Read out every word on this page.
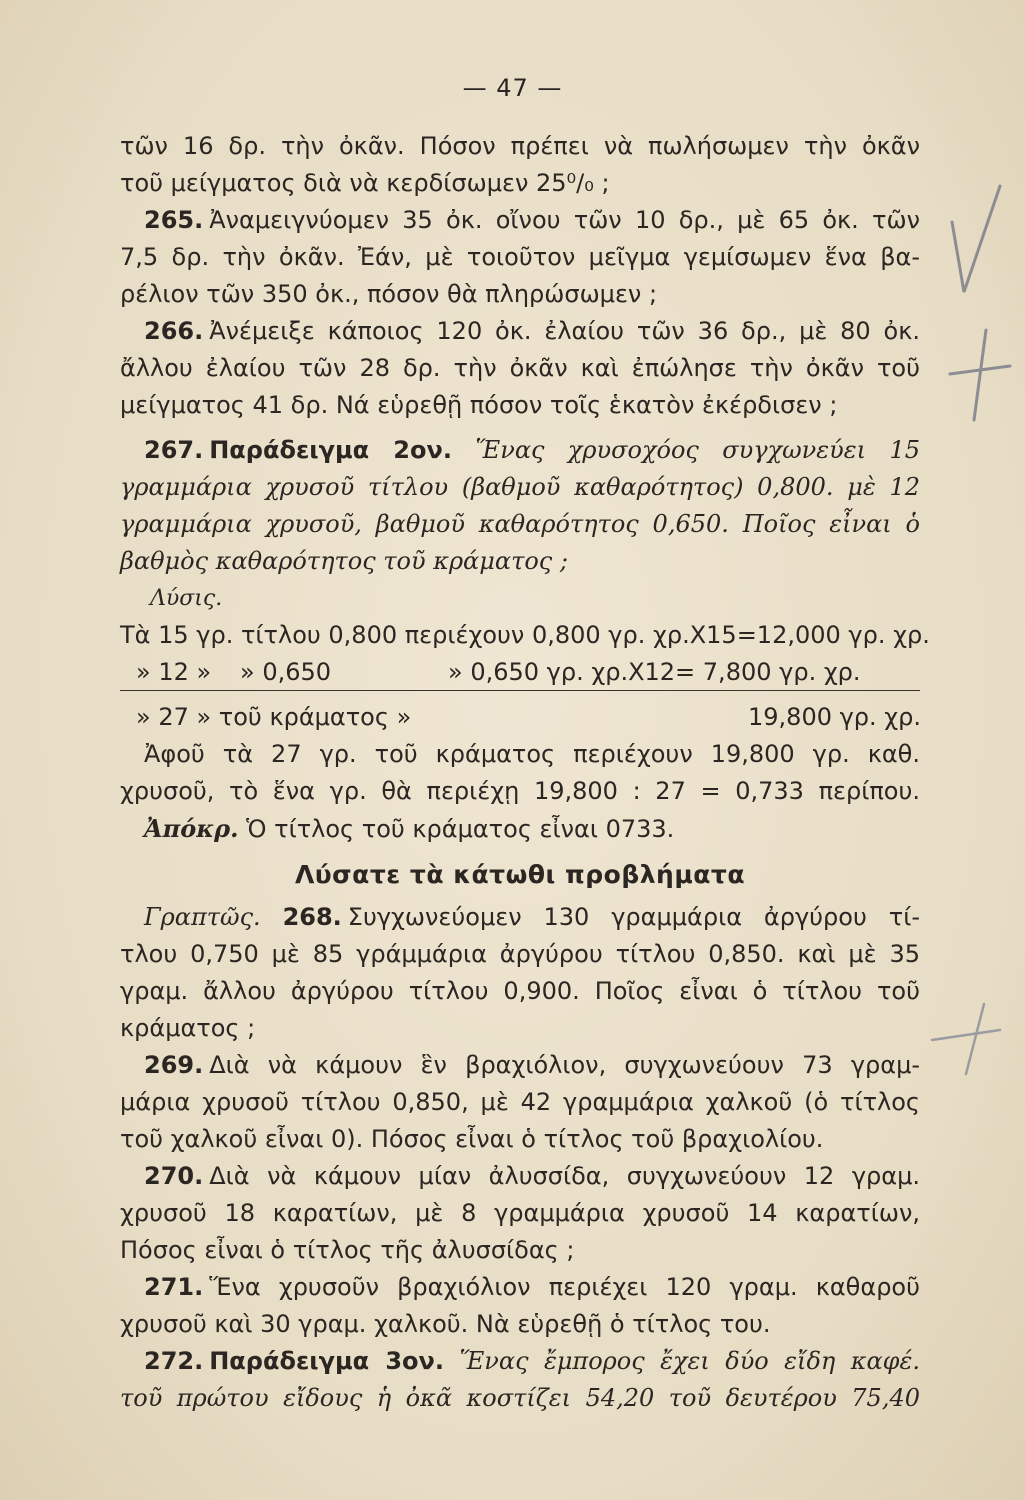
— 47 —
τῶν 16 δρ. τὴν ὀκᾶν. Πόσον πρέπει νὰ πωλήσωμεν τὴν ὀκᾶν
τοῦ μείγματος διὰ νὰ κερδίσωμεν 25⁰/₀ ;
265. Ἀναμειγνύομεν 35 ὀκ. οἴνου τῶν 10 δρ., μὲ 65 ὀκ. τῶν
7,5 δρ. τὴν ὀκᾶν. Ἐάν, μὲ τοιοῦτον μεῖγμα γεμίσωμεν ἕνα βα-
ρέλιον τῶν 350 ὀκ., πόσον θὰ πληρώσωμεν ;
266. Ἀνέμειξε κάποιος 120 ὀκ. ἐλαίου τῶν 36 δρ., μὲ 80 ὀκ.
ἄλλου ἐλαίου τῶν 28 δρ. τὴν ὀκᾶν καὶ ἐπώλησε τὴν ὀκᾶν τοῦ
μείγματος 41 δρ. Νά εὑρεθῇ πόσον τοῖς ἑκατὸν ἐκέρδισεν ;
267. Παράδειγμα 2ον. Ἕνας χρυσοχόος συγχωνεύει 15
γραμμάρια χρυσοῦ τίτλου (βαθμοῦ καθαρότητος) 0,800. μὲ 12
γραμμάρια χρυσοῦ, βαθμοῦ καθαρότητος 0,650. Ποῖος εἶναι ὁ
βαθμὸς καθαρότητος τοῦ κράματος ;
Λύσις.
Τὰ 15 γρ. τίτλου 0,800 περιέχουν 0,800 γρ. χρ.Χ15=12,000 γρ. χρ.
» 12 » » 0,650	» 0,650 γρ. χρ.Χ12= 7,800 γρ. χρ.
» 27 » τοῦ κράματος »	19,800 γρ. χρ.
Ἀφοῦ τὰ 27 γρ. τοῦ κράματος περιέχουν 19,800 γρ. καθ.
χρυσοῦ, τὸ ἕνα γρ. θὰ περιέχῃ 19,800 : 27 = 0,733 περίπου.
Ἀπόκρ. Ὁ τίτλος τοῦ κράματος εἶναι 0733.
Λύσατε τὰ κάτωθι προβλήματα
Γραπτῶς. 268. Συγχωνεύομεν 130 γραμμάρια ἀργύρου τί-
τλου 0,750 μὲ 85 γράμμάρια ἀργύρου τίτλου 0,850. καὶ μὲ 35
γραμ. ἄλλου ἀργύρου τίτλου 0,900. Ποῖος εἶναι ὁ τίτλου τοῦ
κράματος ;
269. Διὰ νὰ κάμουν ἓν βραχιόλιον, συγχωνεύουν 73 γραμ-
μάρια χρυσοῦ τίτλου 0,850, μὲ 42 γραμμάρια χαλκοῦ (ὁ τίτλος
τοῦ χαλκοῦ εἶναι 0). Πόσος εἶναι ὁ τίτλος τοῦ βραχιολίου.
270. Διὰ νὰ κάμουν μίαν ἀλυσσίδα, συγχωνεύουν 12 γραμ.
χρυσοῦ 18 καρατίων, μὲ 8 γραμμάρια χρυσοῦ 14 καρατίων,
Πόσος εἶναι ὁ τίτλος τῆς ἀλυσσίδας ;
271. Ἕνα χρυσοῦν βραχιόλιον περιέχει 120 γραμ. καθαροῦ
χρυσοῦ καὶ 30 γραμ. χαλκοῦ. Νὰ εὑρεθῇ ὁ τίτλος του.
272. Παράδειγμα 3ον. Ἕνας ἔμπορος ἔχει δύο εἴδη καφέ.
τοῦ πρώτου εἴδους ἡ ὀκᾶ κοστίζει 54,20 τοῦ δευτέρου 75,40
